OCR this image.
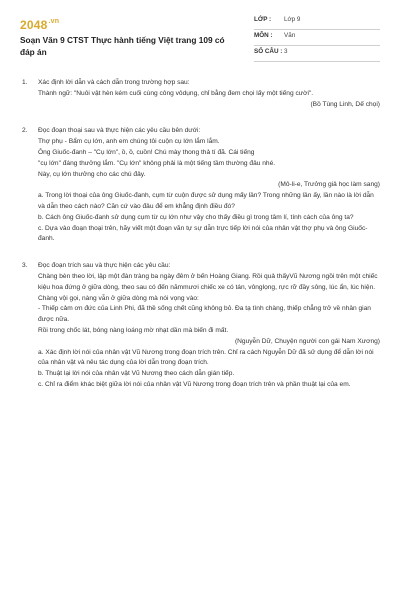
$2048^{.vn}$
Soạn Văn 9 CTST Thực hành tiếng Việt trang 109 có đáp án
LỚP : Lớp 9
MÔN : Văn
SỐ CÂU : 3
1. Xác định lời dẫn và cách dẫn trong trường hợp sau:
Thành ngữ: "Nuôi vật hèn kém cuối cùng công vôdụng, chỉ bằng đem chọi lấy một tiếng cười".
(Bồ Tùng Linh, Dế chọi)
2. Đọc đoạn thoại sau và thực hiện các yêu cầu bên dưới:
Thợ phụ - Bẩm cụ lớn, anh em chúng tôi cuộn cụ lớn lắm lắm.
Ông Giuốc-đanh – "Cụ lớn", ồ, ồ, cuồn! Chú mày thong thả tí đã. Cái tiếng
"cụ lớn" đáng thưởng lắm. "Cụ lớn" không phải là một tiếng tầm thường đâu nhé.
Này, cụ lớn thưởng cho các chú đây.
(Mô-li-e, Trưởng giả học làm sang)
a. Trong lời thoại của ông Giuốc-đanh, cụm từ cuộn được sử dụng mấy lần? Trong những lần ấy, lần nào là lời dẫn và dẫn theo cách nào? Căn cứ vào đâu để em khẳng định điều đó?
b. Cách ông Giuốc-đanh sử dụng cụm từ cụ lớn như vậy cho thấy điều gì trong tâm lí, tính cách của ông ta?
c. Dựa vào đoạn thoại trên, hãy viết một đoạn văn tự sự dẫn trực tiếp lời nói của nhân vật thợ phụ và ông Giuốc-đanh.
3. Đọc đoạn trích sau và thực hiện các yêu cầu:
Chàng bèn theo lời, lập một đàn tràng ba ngày đêm ở bến Hoàng Giang. Rồi quả thấyVũ Nương ngồi trên một chiếc kiệu hoa đứng ở giữa dòng, theo sau có đến nămmươi chiếc xe có tán, vônglọng, rực rỡ đầy sông, lúc ẩn, lúc hiện.
Chàng vội gọi, nàng vẫn ở giữa dòng mà nói vọng vào:
- Thiếp cảm ơn đức của Linh Phi, đã thề sống chết cũng không bỏ. Đa tạ tình chàng, thiếp chẳng trở về nhân gian được nữa.
Rồi trong chốc lát, bóng nàng loáng mờ nhạt dần mà biến đi mất.
(Nguyễn Dữ, Chuyện người con gái Nam Xương)
a. Xác định lời nói của nhân vật Vũ Nương trong đoạn trích trên. Chỉ ra cách Nguyễn Dữ đã sử dụng để dẫn lời nói của nhân vật và nêu tác dụng của lời dẫn trong đoạn trích.
b. Thuật lại lời nói của nhân vật Vũ Nương theo cách dẫn gián tiếp.
c. Chỉ ra điểm khác biệt giữa lời nói của nhân vật Vũ Nương trong đoạn trích trên và phần thuật lại của em.
